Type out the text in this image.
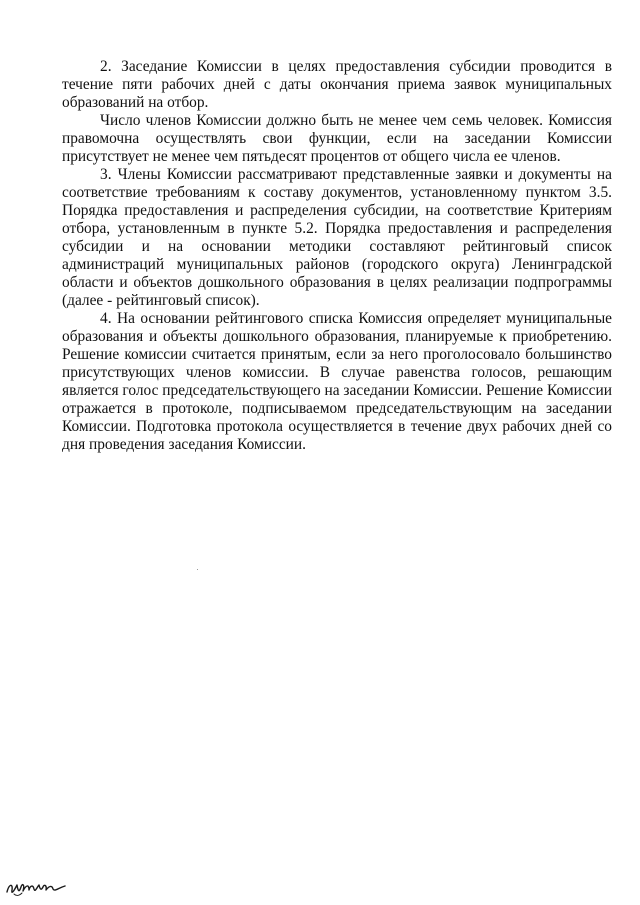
2. Заседание Комиссии в целях предоставления субсидии проводится в течение пяти рабочих дней с даты окончания приема заявок муниципальных образований на отбор.

Число членов Комиссии должно быть не менее чем семь человек. Комиссия правомочна осуществлять свои функции, если на заседании Комиссии присутствует не менее чем пятьдесят процентов от общего числа ее членов.

3. Члены Комиссии рассматривают представленные заявки и документы на соответствие требованиям к составу документов, установленному пунктом 3.5. Порядка предоставления и распределения субсидии, на соответствие Критериям отбора, установленным в пункте 5.2. Порядка предоставления и распределения субсидии и на основании методики составляют рейтинговый список администраций муниципальных районов (городского округа) Ленинградской области и объектов дошкольного образования в целях реализации подпрограммы (далее - рейтинговый список).

4. На основании рейтингового списка Комиссия определяет муниципальные образования и объекты дошкольного образования, планируемые к приобретению. Решение комиссии считается принятым, если за него проголосовало большинство присутствующих членов комиссии. В случае равенства голосов, решающим является голос председательствующего на заседании Комиссии. Решение Комиссии отражается в протоколе, подписываемом председательствующим на заседании Комиссии. Подготовка протокола осуществляется в течение двух рабочих дней со дня проведения заседания Комиссии.
